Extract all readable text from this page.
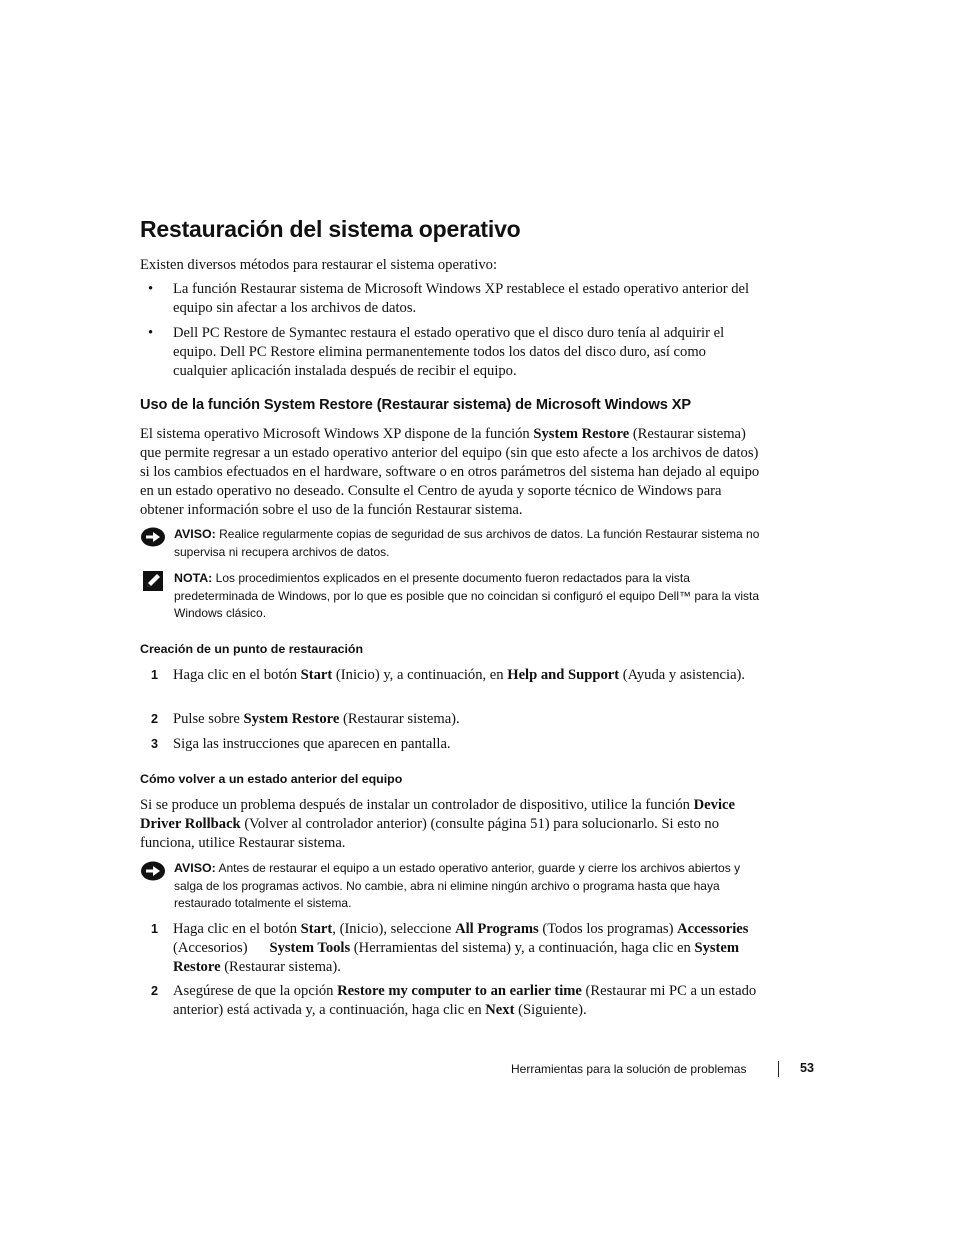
Restauración del sistema operativo
Existen diversos métodos para restaurar el sistema operativo:
• La función Restaurar sistema de Microsoft Windows XP restablece el estado operativo anterior del equipo sin afectar a los archivos de datos.
• Dell PC Restore de Symantec restaura el estado operativo que el disco duro tenía al adquirir el equipo. Dell PC Restore elimina permanentemente todos los datos del disco duro, así como cualquier aplicación instalada después de recibir el equipo.
Uso de la función System Restore (Restaurar sistema) de Microsoft Windows XP
El sistema operativo Microsoft Windows XP dispone de la función System Restore (Restaurar sistema) que permite regresar a un estado operativo anterior del equipo (sin que esto afecte a los archivos de datos) si los cambios efectuados en el hardware, software o en otros parámetros del sistema han dejado al equipo en un estado operativo no deseado. Consulte el Centro de ayuda y soporte técnico de Windows para obtener información sobre el uso de la función Restaurar sistema.
AVISO: Realice regularmente copias de seguridad de sus archivos de datos. La función Restaurar sistema no supervisa ni recupera archivos de datos.
NOTA: Los procedimientos explicados en el presente documento fueron redactados para la vista predeterminada de Windows, por lo que es posible que no coincidan si configuró el equipo Dell™ para la vista Windows clásico.
Creación de un punto de restauración
1 Haga clic en el botón Start (Inicio) y, a continuación, en Help and Support (Ayuda y asistencia).
2 Pulse sobre System Restore (Restaurar sistema).
3 Siga las instrucciones que aparecen en pantalla.
Cómo volver a un estado anterior del equipo
Si se produce un problema después de instalar un controlador de dispositivo, utilice la función Device Driver Rollback (Volver al controlador anterior) (consulte página 51) para solucionarlo. Si esto no funciona, utilice Restaurar sistema.
AVISO: Antes de restaurar el equipo a un estado operativo anterior, guarde y cierre los archivos abiertos y salga de los programas activos. No cambie, abra ni elimine ningún archivo o programa hasta que haya restaurado totalmente el sistema.
1 Haga clic en el botón Start, (Inicio), seleccione All Programs (Todos los programas) Accessories (Accesorios)      System Tools (Herramientas del sistema) y, a continuación, haga clic en System Restore (Restaurar sistema).
2 Asegúrese de que la opción Restore my computer to an earlier time (Restaurar mi PC a un estado anterior) está activada y, a continuación, haga clic en Next (Siguiente).
Herramientas para la solución de problemas	53
